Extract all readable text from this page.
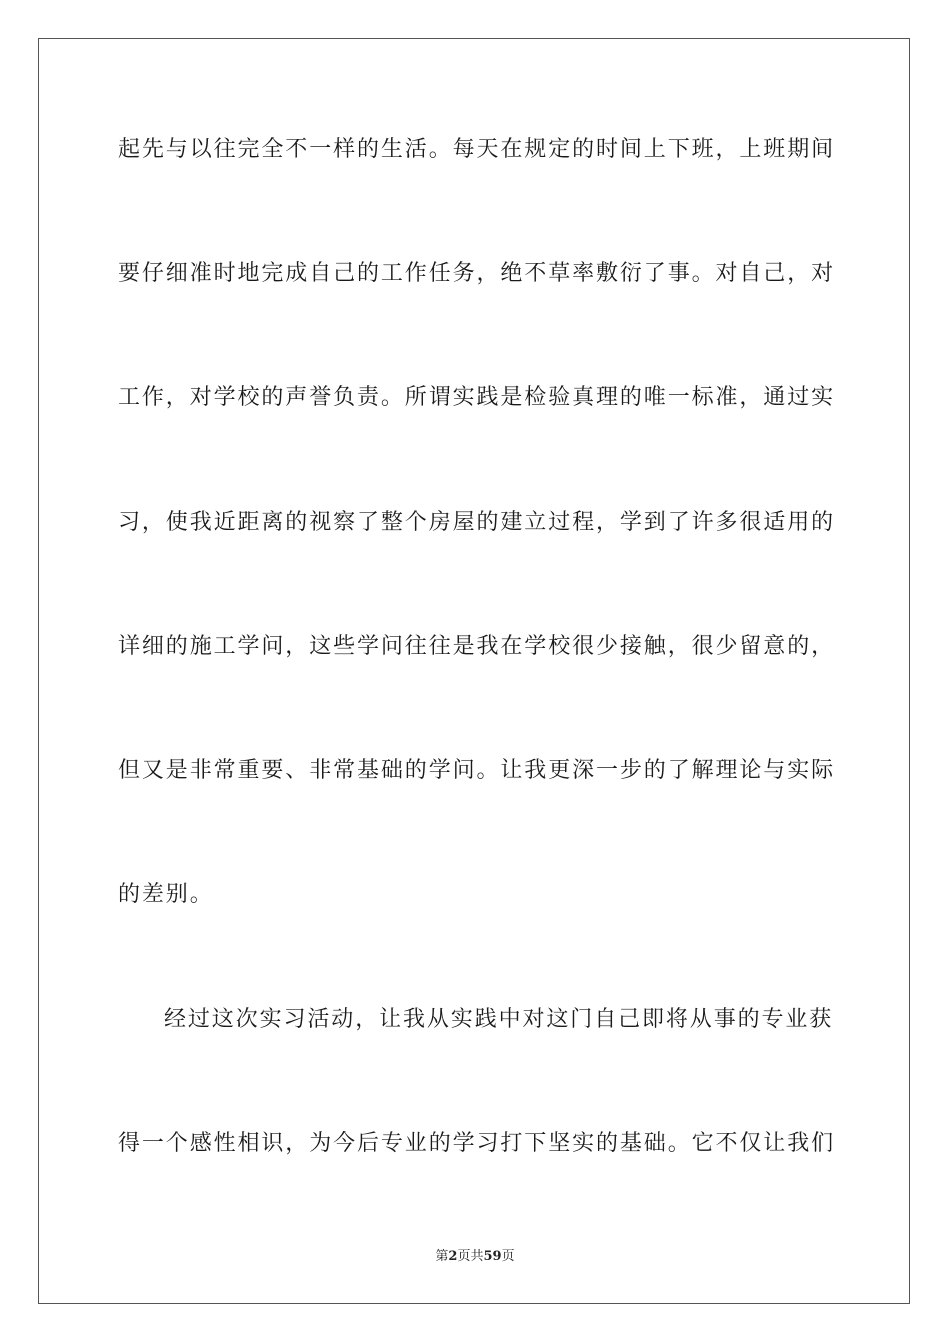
起先与以往完全不一样的生活。每天在规定的时间上下班，上班期间
要仔细准时地完成自己的工作任务，绝不草率敷衍了事。对自己，对
工作，对学校的声誉负责。所谓实践是检验真理的唯一标准，通过实
习，使我近距离的视察了整个房屋的建立过程，学到了许多很适用的
详细的施工学问，这些学问往往是我在学校很少接触，很少留意的，
但又是非常重要、非常基础的学问。让我更深一步的了解理论与实际
的差别。
经过这次实习活动，让我从实践中对这门自己即将从事的专业获
得一个感性相识，为今后专业的学习打下坚实的基础。它不仅让我们
第2页共59页
